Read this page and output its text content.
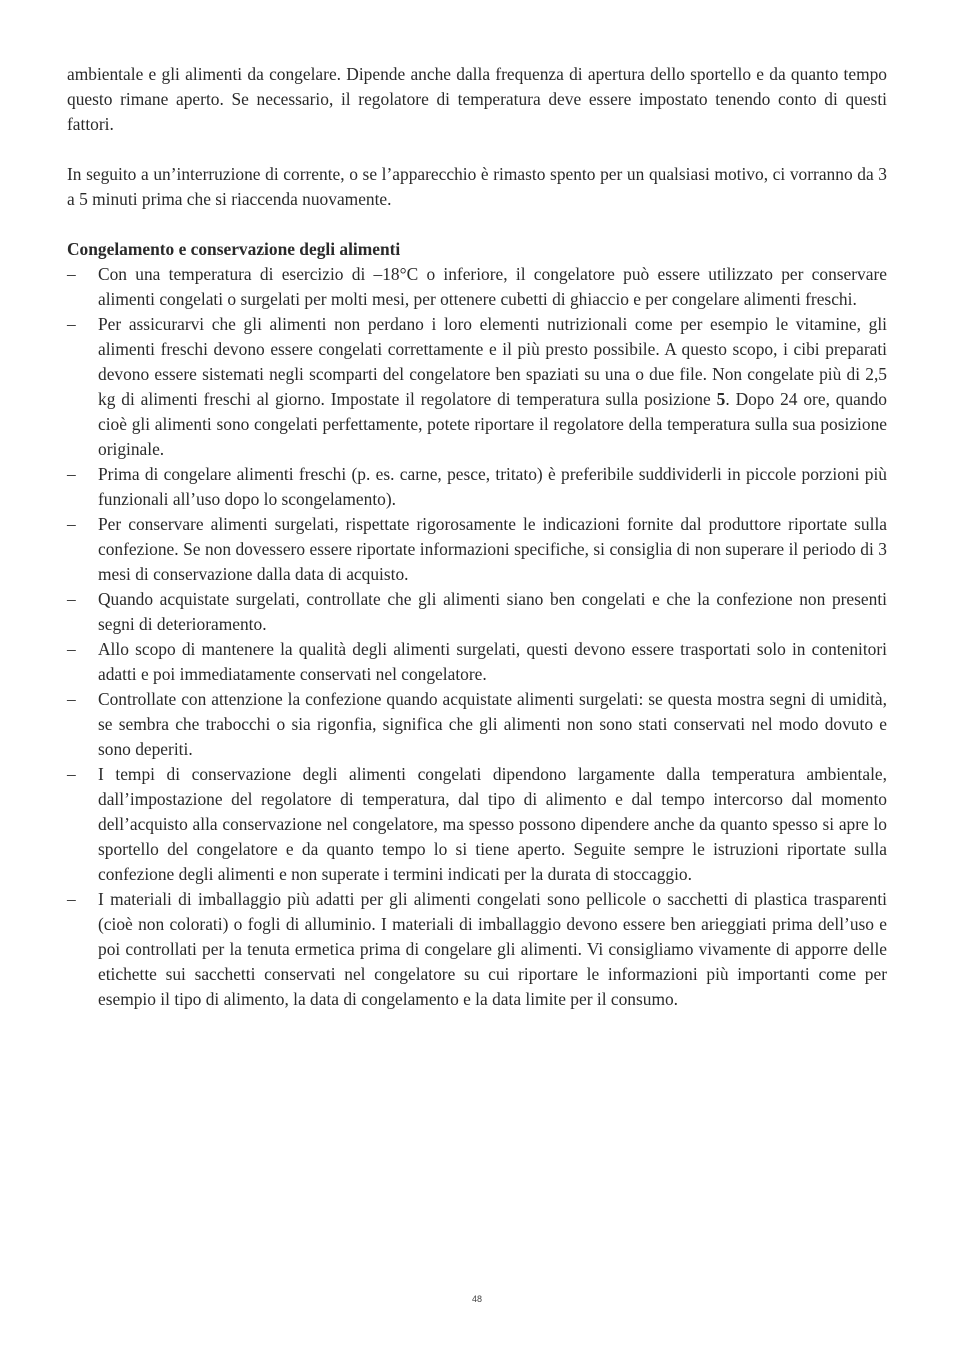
ambientale e gli alimenti da congelare. Dipende anche dalla frequenza di apertura dello sportello e da quanto tempo questo rimane aperto. Se necessario, il regolatore di temperatura deve essere impostato tenendo conto di questi fattori.

In seguito a un’interruzione di corrente, o se l’apparecchio è rimasto spento per un qualsiasi motivo, ci vorranno da 3 a 5 minuti prima che si riaccenda nuovamente.

Congelamento e conservazione degli alimenti

– Con una temperatura di esercizio di –18°C o inferiore, il congelatore può essere utilizzato per conservare alimenti congelati o surgelati per molti mesi, per ottenere cubetti di ghiaccio e per congelare alimenti freschi.
– Per assicurarvi che gli alimenti non perdano i loro elementi nutrizionali come per esempio le vitamine, gli alimenti freschi devono essere congelati correttamente e il più presto possibile. A questo scopo, i cibi preparati devono essere sistemati negli scomparti del congelatore ben spaziati su una o due file. Non congelate più di 2,5 kg di alimenti freschi al giorno. Impostate il regolatore di temperatura sulla posizione 5. Dopo 24 ore, quando cioè gli alimenti sono congelati perfettamente, potete riportare il regolatore della temperatura sulla sua posizione originale.
– Prima di congelare alimenti freschi (p. es. carne, pesce, tritato) è preferibile suddividerli in piccole porzioni più funzionali all’uso dopo lo scongelamento).
– Per conservare alimenti surgelati, rispettate rigorosamente le indicazioni fornite dal produttore riportate sulla confezione. Se non dovessero essere riportate informazioni specifiche, si consiglia di non superare il periodo di 3 mesi di conservazione dalla data di acquisto.
– Quando acquistate surgelati, controllate che gli alimenti siano ben congelati e che la confezione non presenti segni di deterioramento.
– Allo scopo di mantenere la qualità degli alimenti surgelati, questi devono essere trasportati solo in contenitori adatti e poi immediatamente conservati nel congelatore.
– Controllate con attenzione la confezione quando acquistate alimenti surgelati: se questa mostra segni di umidità, se sembra che trabocchi o sia rigonfia, significa che gli alimenti non sono stati conservati nel modo dovuto e sono deperiti.
– I tempi di conservazione degli alimenti congelati dipendono largamente dalla temperatura ambientale, dall’impostazione del regolatore di temperatura, dal tipo di alimento e dal tempo intercorso dal momento dell’acquisto alla conservazione nel congelatore, ma spesso possono dipendere anche da quanto spesso si apre lo sportello del congelatore e da quanto tempo lo si tiene aperto. Seguite sempre le istruzioni riportate sulla confezione degli alimenti e non superate i termini indicati per la durata di stoccaggio.
– I materiali di imballaggio più adatti per gli alimenti congelati sono pellicole o sacchetti di plastica trasparenti (cioè non colorati) o fogli di alluminio. I materiali di imballaggio devono essere ben arieggiati prima dell’uso e poi controllati per la tenuta ermetica prima di congelare gli alimenti. Vi consigliamo vivamente di apporre delle etichette sui sacchetti conservati nel congelatore su cui riportare le informazioni più importanti come per esempio il tipo di alimento, la data di congelamento e la data limite per il consumo.
48
